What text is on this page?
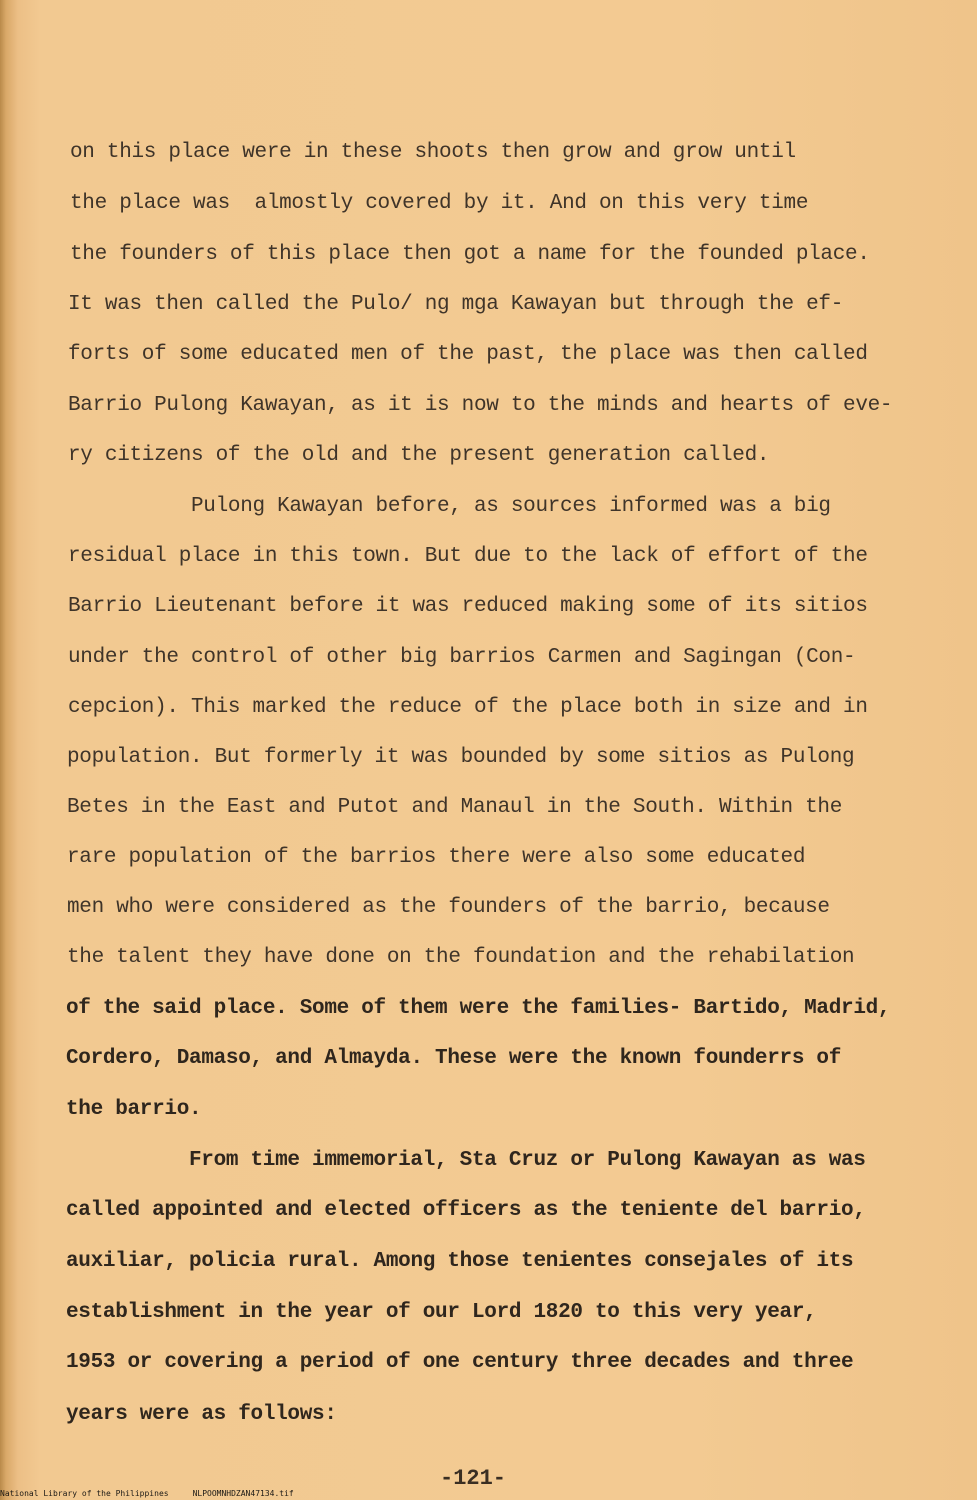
on this place were in these shoots then grow and grow until
the place was  almostly covered by it. And on this very time
the founders of this place then got a name for the founded place.
It was then called the Pulo/ ng mga Kawayan but through the ef-
forts of some educated men of the past, the place was then called
Barrio Pulong Kawayan, as it is now to the minds and hearts of eve-
ry citizens of the old and the present generation called.
Pulong Kawayan before, as sources informed was a big
residual place in this town. But due to the lack of effort of the
Barrio Lieutenant before it was reduced making some of its sitios
under the control of other big barrios Carmen and Sagingan (Con-
cepcion). This marked the reduce of the place both in size and in
population. But formerly it was bounded by some sitios as Pulong
Betes in the East and Putot and Manaul in the South. Within the
rare population of the barrios there were also some educated
men who were considered as the founders of the barrio, because
the talent they have done on the foundation and the rehabilation
of the said place. Some of them were the families- Bartido, Madrid,
Cordero, Damaso, and Almayda. These were the known founderrs of
the barrio.
From time immemorial, Sta Cruz or Pulong Kawayan as was
called appointed and elected officers as the teniente del barrio,
auxiliar, policia rural. Among those tenientes consejales of its
establishment in the year of our Lord 1820 to this very year,
1953 or covering a period of one century three decades and three
years were as follows:
-121-
National Library of the Philippines	NLPOOMNHDZAN47134.tif
